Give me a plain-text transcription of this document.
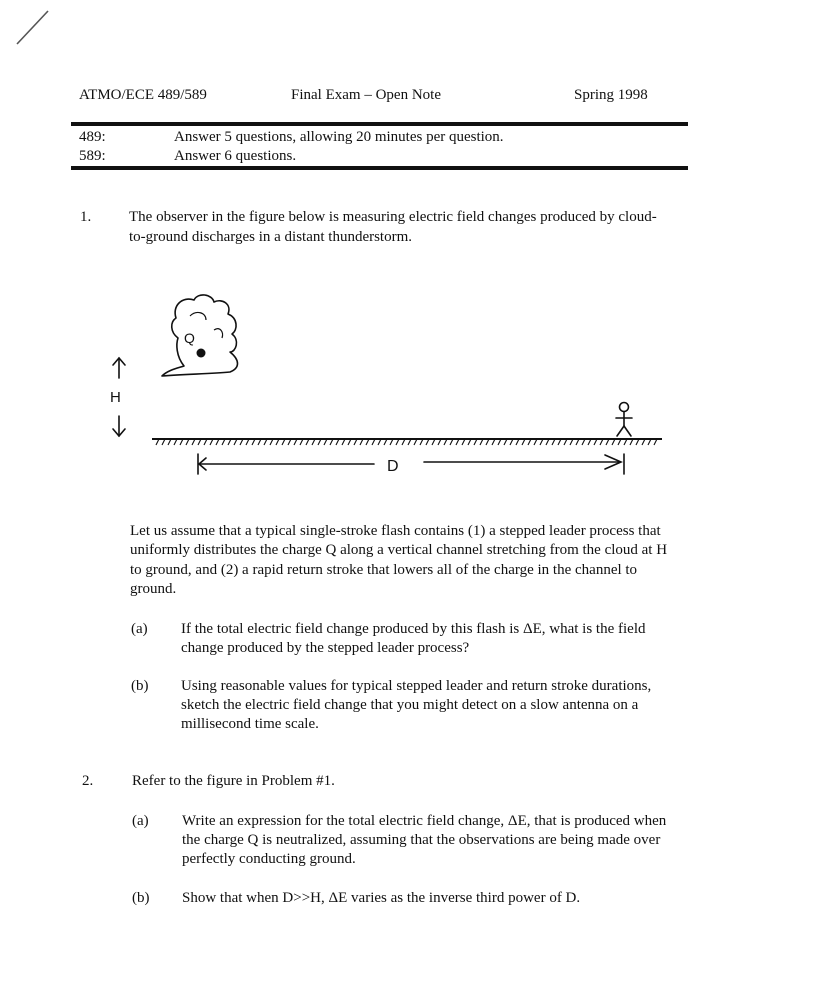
ATMO/ECE 489/589	Final Exam – Open Note	Spring 1998
489:	Answer 5 questions, allowing 20 minutes per question.
589:	Answer 6 questions.
1.	The observer in the figure below is measuring electric field changes produced by cloud-
to-ground discharges in a distant thunderstorm.
Q
H
D
Let us assume that a typical single-stroke flash contains (1) a stepped leader process that
uniformly distributes the charge Q along a vertical channel stretching from the cloud at H
to ground, and (2) a rapid return stroke that lowers all of the charge in the channel to
ground.
(a) If the total electric field change produced by this flash is ΔE, what is the field
change produced by the stepped leader process?
(b) Using reasonable values for typical stepped leader and return stroke durations,
sketch the electric field change that you might detect on a slow antenna on a
millisecond time scale.
2.	Refer to the figure in Problem #1.
(a) Write an expression for the total electric field change, ΔE, that is produced when
the charge Q is neutralized, assuming that the observations are being made over
perfectly conducting ground.
(b) Show that when D>>H, ΔE varies as the inverse third power of D.
